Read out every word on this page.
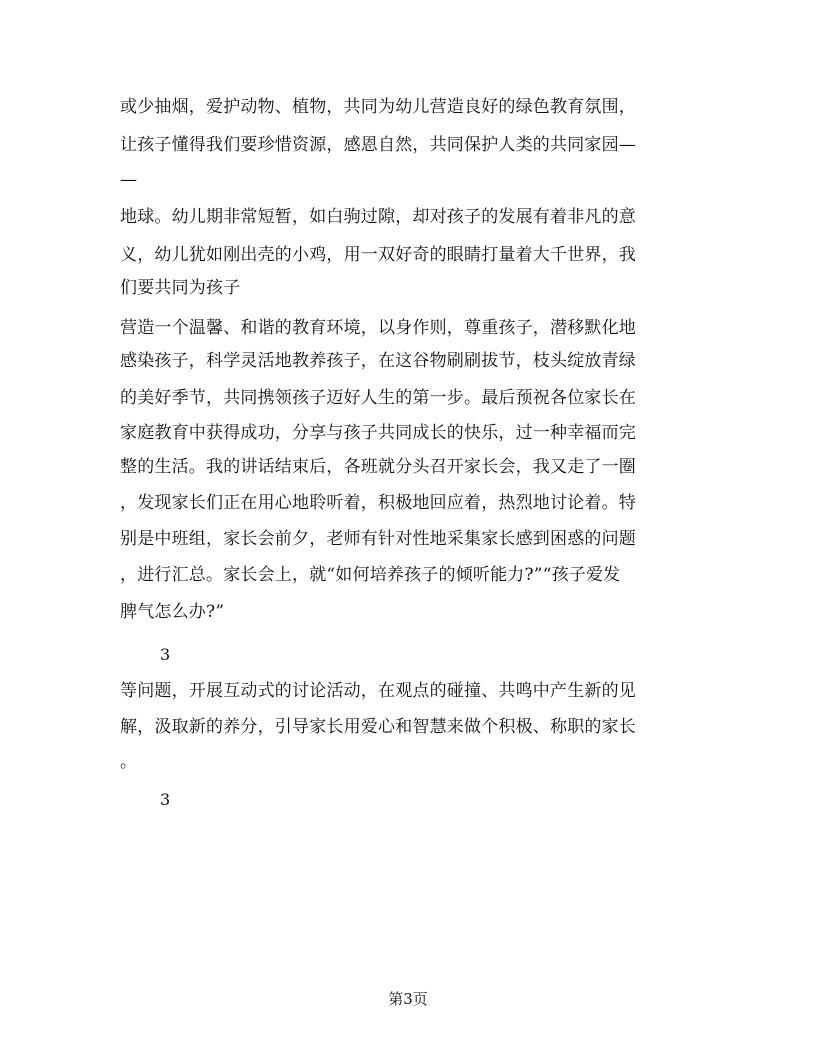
或少抽烟，爱护动物、植物，共同为幼儿营造良好的绿色教育氛围，
让孩子懂得我们要珍惜资源，感恩自然，共同保护人类的共同家园—
—
地球。幼儿期非常短暂，如白驹过隙，却对孩子的发展有着非凡的意
义，幼儿犹如刚出壳的小鸡，用一双好奇的眼睛打量着大千世界，我
们要共同为孩子
营造一个温馨、和谐的教育环境，以身作则，尊重孩子，潜移默化地
感染孩子，科学灵活地教养孩子，在这谷物刷刷拔节，枝头绽放青绿
的美好季节，共同携领孩子迈好人生的第一步。最后预祝各位家长在
家庭教育中获得成功，分享与孩子共同成长的快乐，过一种幸福而完
整的生活。我的讲话结束后，各班就分头召开家长会，我又走了一圈
，发现家长们正在用心地聆听着，积极地回应着，热烈地讨论着。特
别是中班组，家长会前夕，老师有针对性地采集家长感到困惑的问题
，进行汇总。家长会上，就“如何培养孩子的倾听能力?”“孩子爱发
脾气怎么办?”
3
等问题，开展互动式的讨论活动，在观点的碰撞、共鸣中产生新的见
解，汲取新的养分，引导家长用爱心和智慧来做个积极、称职的家长
。
3
第3页
